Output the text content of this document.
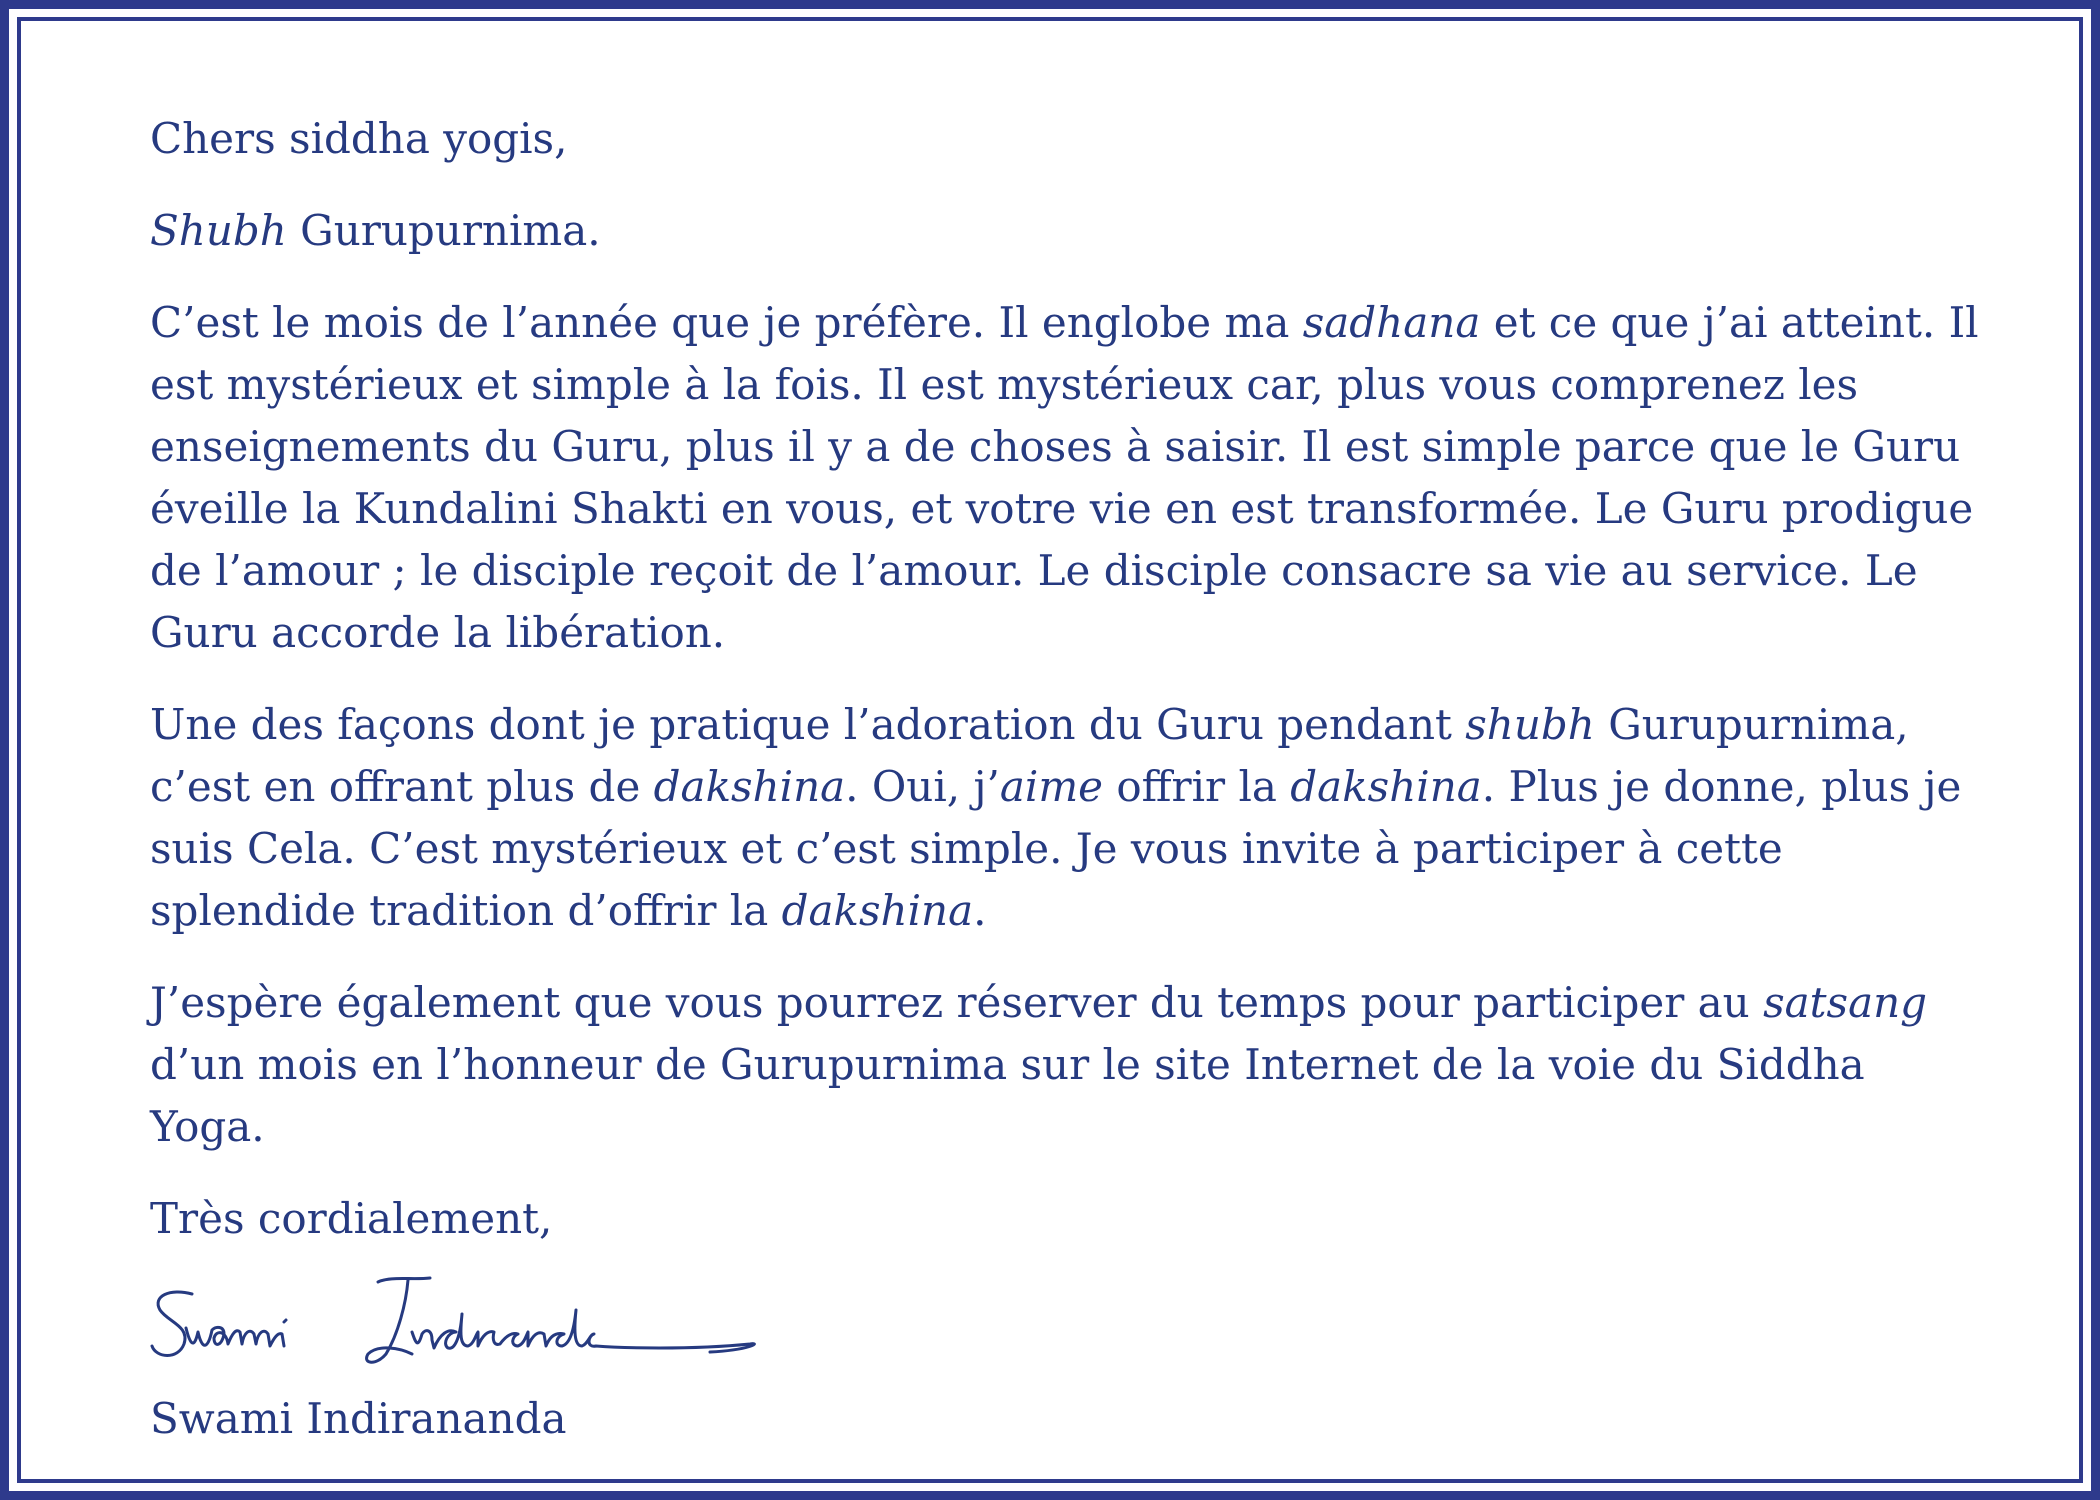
Chers siddha yogis,

Shubh Gurupurnima.

C’est le mois de l’année que je préfère. Il englobe ma sadhana et ce que j’ai atteint. Il est mystérieux et simple à la fois. Il est mystérieux car, plus vous comprenez les enseignements du Guru, plus il y a de choses à saisir. Il est simple parce que le Guru éveille la Kundalini Shakti en vous, et votre vie en est transformée. Le Guru prodigue de l’amour ; le disciple reçoit de l’amour. Le disciple consacre sa vie au service. Le Guru accorde la libération.

Une des façons dont je pratique l’adoration du Guru pendant shubh Gurupurnima, c’est en offrant plus de dakshina. Oui, j’aime offrir la dakshina. Plus je donne, plus je suis Cela. C’est mystérieux et c’est simple. Je vous invite à participer à cette splendide tradition d’offrir la dakshina.

J’espère également que vous pourrez réserver du temps pour participer au satsang d’un mois en l’honneur de Gurupurnima sur le site Internet de la voie du Siddha Yoga.

Très cordialement,

Swami Indirananda

Swami Indirananda
